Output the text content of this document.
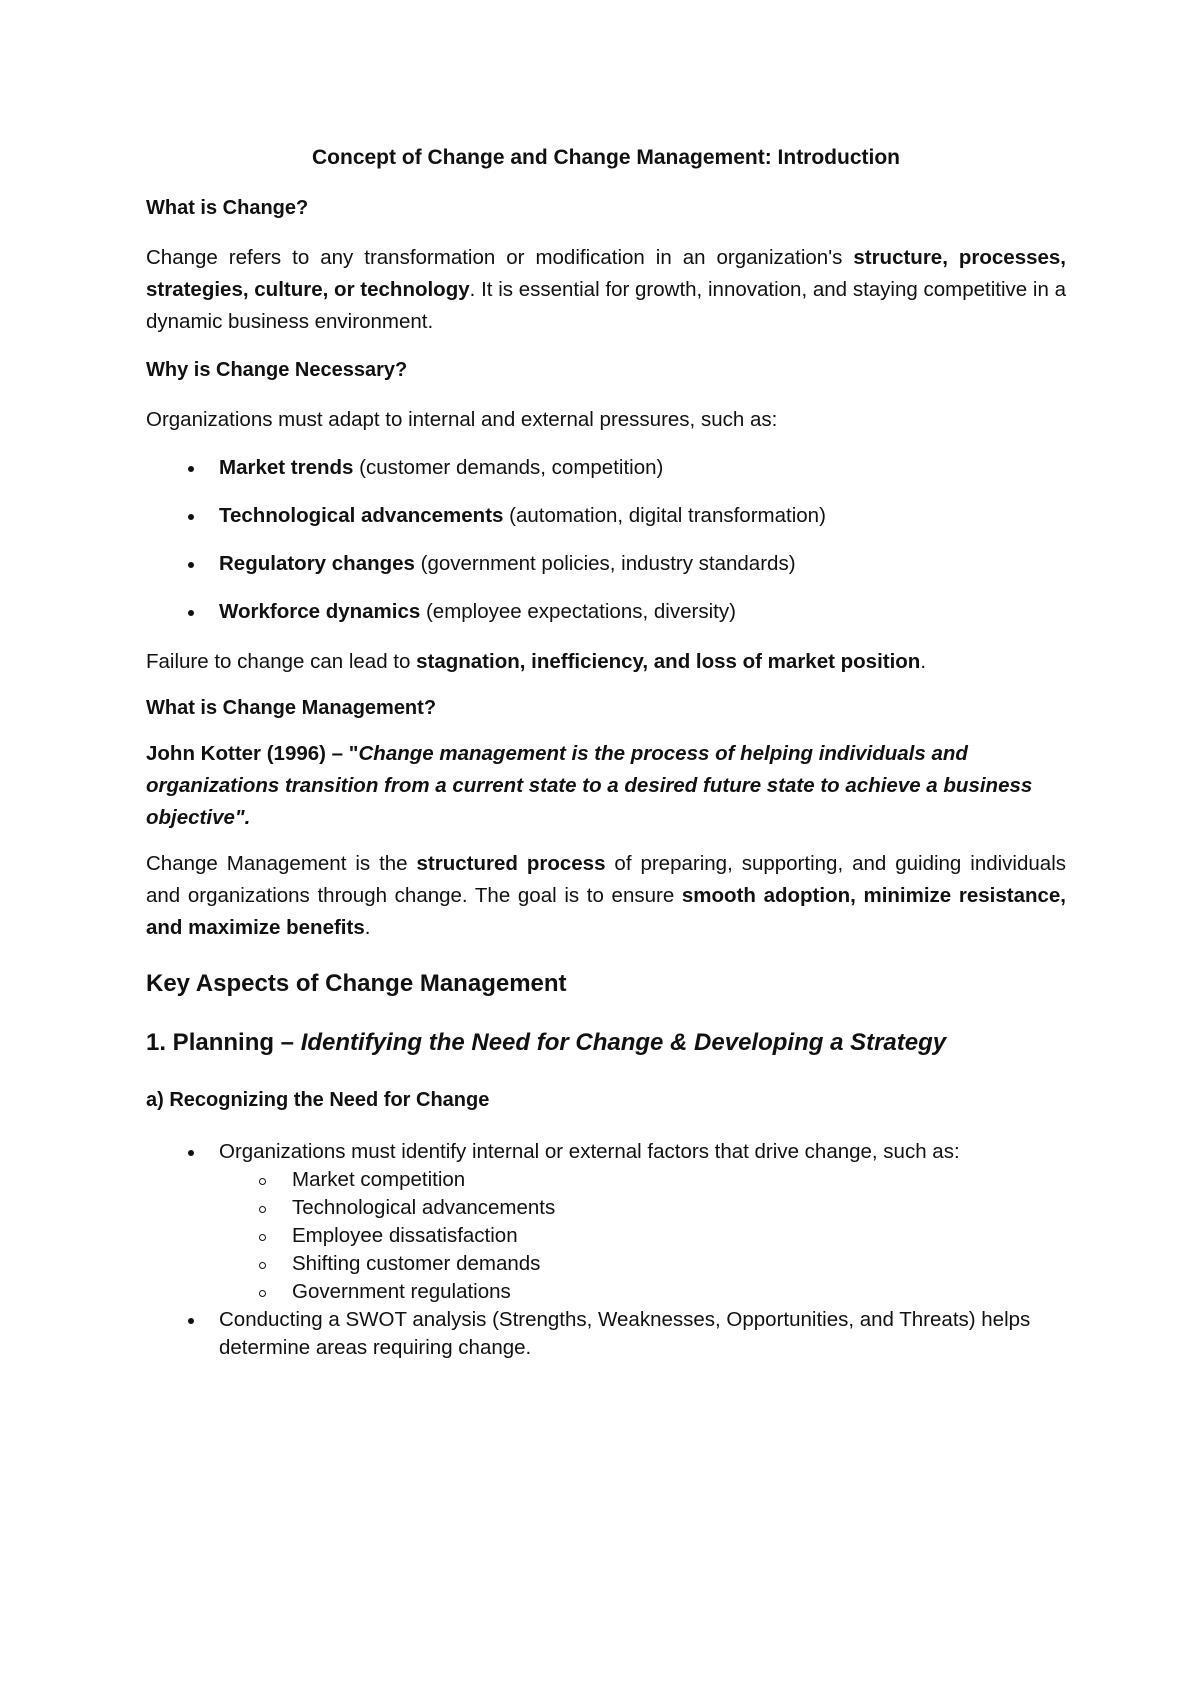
Concept of Change and Change Management: Introduction
What is Change?

Change refers to any transformation or modification in an organization's structure, processes, strategies, culture, or technology. It is essential for growth, innovation, and staying competitive in a dynamic business environment.

Why is Change Necessary?

Organizations must adapt to internal and external pressures, such as:

Market trends (customer demands, competition)
Technological advancements (automation, digital transformation)
Regulatory changes (government policies, industry standards)
Workforce dynamics (employee expectations, diversity)

Failure to change can lead to stagnation, inefficiency, and loss of market position.

What is Change Management?

John Kotter (1996) – "Change management is the process of helping individuals and organizations transition from a current state to a desired future state to achieve a business objective".

Change Management is the structured process of preparing, supporting, and guiding individuals and organizations through change. The goal is to ensure smooth adoption, minimize resistance, and maximize benefits.

Key Aspects of Change Management
1. Planning – Identifying the Need for Change & Developing a Strategy
a) Recognizing the Need for Change
Organizations must identify internal or external factors that drive change, such as:
Market competition
Technological advancements
Employee dissatisfaction
Shifting customer demands
Government regulations
Conducting a SWOT analysis (Strengths, Weaknesses, Opportunities, and Threats) helps determine areas requiring change.
